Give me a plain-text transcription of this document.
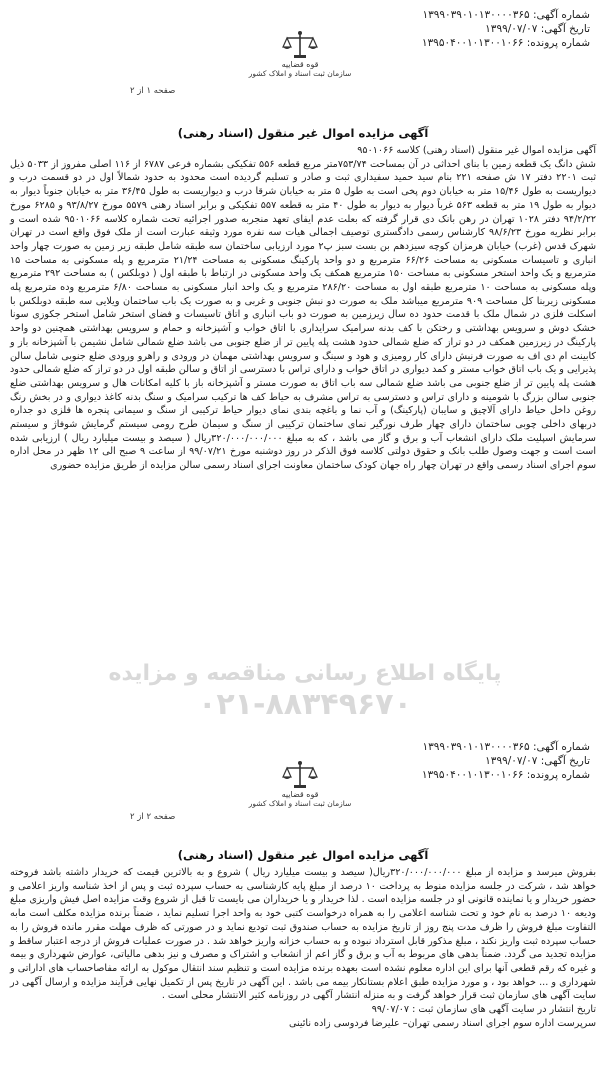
شماره آگهی: ۱۳۹۹۰۳۹۰۱۰۱۳۰۰۰۰۳۶۵
تاریخ آگهی: ۱۳۹۹/۰۷/۰۷
شماره پرونده: ۱۳۹۵۰۴۰۰۱۰۱۳۰۰۱۰۶۶
قوه قضاییه
سازمان ثبت اسناد و املاک کشور
صفحه ۱ از ۲
آگهی مزایده اموال غیر منقول (اسناد رهنی)

آگهی مزایده اموال غیر منقول (اسناد رهنی) کلاسه ۹۵۰۱۰۶۶

شش دانگ یک قطعه زمین با بنای احداثی در آن بمساحت ۷۵۳/۷۴متر مربع قطعه ۵۵۶ تفکیکی بشماره فرعی ۶۷۸۷ از ۱۱۶ اصلی مفروز از ۵۰۳۳ ذیل ثبت ۲۲۰۱ دفتر ۱۷ ش صفحه ۲۲۱ بنام سید حمید سفیداری ثبت و صادر و تسلیم گردیده است محدود به حدود شمالاً اول در دو قسمت درب و دیواریست به طول ۱۵/۴۶ متر به خیابان دوم پخی است به طول ۵ متر به خیابان شرقا درب و دیواریست به طول ۳۶/۴۵ متر به خیابان جنوباً دیوار به دیوار به طول ۱۹ متر به قطعه ۵۶۳ غرباً دیوار به دیوار به طول ۴۰ متر به قطعه ۵۵۷ تفکیکی و برابر اسناد رهنی ۵۵۷۹ مورخ ۹۳/۸/۲۷ و ۶۲۸۵ مورخ ۹۴/۲/۲۲ دفتر ۱۰۲۸ تهران در رهن بانک دی قرار گرفته که بعلت عدم ایفای تعهد منجربه صدور اجرائیه تحت شماره کلاسه ۹۵۰۱۰۶۶ شده است و برابر نظریه مورخ ۹۸/۶/۲۳ کارشناس رسمی دادگستری توصیف اجمالی هیات سه نفره مورد وثیقه عبارت است از ملک فوق واقع است در تهران شهرک قدس (غرب) خیابان هرمزان کوچه سیزدهم بن بست سبز پ۲ مورد ارزیابی ساختمان سه طبقه شامل طبقه زیر زمین به صورت چهار واحد انباری و تاسیسات مسکونی به مساحت ۶۶/۲۶ مترمربع و دو واحد پارکینگ مسکونی به مساحت ۲۱/۲۴ مترمربع و پله مسکونی به مساحت ۱۵ مترمربع و یک واحد استخر مسکونی به مساحت ۱۵۰ مترمربع همکف یک واحد مسکونی در ارتباط با طبقه اول ( دوبلکس ) به مساحت ۲۹۲ مترمربع وپله مسکونی به مساحت ۱۰ مترمربع طبقه اول به مساحت ۲۸۶/۲۰ مترمربع و یک واحد انبار مسکونی به مساحت ۶/۸۰ مترمربع وده مترمربع پله مسکونی زیربنا کل مساحت ۹۰۹ مترمربع میباشد ملک به صورت دو نبش جنوبی و غربی و به صورت یک باب ساختمان ویلایی سه طبقه دوبلکس با اسکلت فلزی در شمال ملک با قدمت حدود ده سال زیرزمین به صورت دو باب انباری و اتاق تاسیسات و فضای استخر شامل استخر جکوزی سونا خشک دوش و سرویس بهداشتی و رختکن با کف بدنه سرامیک سرایداری با اتاق خواب و آشپزخانه و حمام و سرویس بهداشتی همچنین دو واحد پارکینگ در زیرزمین همکف در دو تراز که ضلع شمالی حدود هشت پله پایین تر از ضلع جنوبی می باشد ضلع شمالی شامل نشیمن با آشپزخانه باز و کابینت ام دی اف به صورت فرنیش دارای کار رومیزی و هود و سینگ و سرویس بهداشتی مهمان در ورودی و راهرو ورودی ضلع جنوبی شامل سالن پذیرایی و یک باب اتاق خواب مستر و کمد دیواری در اتاق خواب و دارای تراس با دسترسی از اتاق و سالن طبقه اول در دو تراز که ضلع شمالی حدود هشت پله پایین تر از ضلع جنوبی می باشد ضلع شمالی سه باب اتاق به صورت مستر و آشپزخانه باز با کلیه امکانات هال و سرویس بهداشتی ضلع جنوبی سالن بزرگ با شومینه و دارای تراس و دسترسی به تراس مشرف به حیاط کف ها ترکیب سرامیک و سنگ بدنه کاغذ دیواری و در بخش رنگ روغن داخل حیاط دارای آلاچیق و سایبان (پارکینگ) و آب نما و باغچه بندی نمای دیوار حیاط ترکیبی از سنگ و سیمانی پنجره ها فلزی دو جداره دربهای داخلی چوبی ساختمان دارای چهار طرف نورگیر نمای ساختمان ترکیبی از سنگ و سیمان طرح رومی سیستم گرمایش شوفاژ و سیستم سرمایش اسپلیت ملک دارای انشعاب آب و برق و گاز می باشد ، که به مبلغ ۳۲۰/۰۰۰/۰۰۰/۰۰۰ریال ( سیصد و بیست میلیارد ریال ) ارزیابی شده است است و جهت وصول طلب بانک و حقوق دولتی کلاسه فوق الذکر در روز دوشنبه مورخ ۹۹/۰۷/۲۱ از ساعت ۹ صبح الی ۱۲ ظهر در محل اداره سوم اجرای اسناد رسمی واقع در تهران چهار راه جهان کودک ساختمان معاونت اجرای اسناد رسمی سالن مزایده از طریق مزایده حضوری

پایگاه اطلاع رسانی مناقصه و مزایده
۰۲۱-۸۸۳۴۹۶۷۰
شماره آگهی: ۱۳۹۹۰۳۹۰۱۰۱۳۰۰۰۰۳۶۵
تاریخ آگهی: ۱۳۹۹/۰۷/۰۷
شماره پرونده: ۱۳۹۵۰۴۰۰۱۰۱۳۰۰۱۰۶۶
قوه قضاییه
سازمان ثبت اسناد و املاک کشور
صفحه ۲ از ۲
آگهی مزایده اموال غیر منقول (اسناد رهنی)

بفروش میرسد و مزایده از مبلغ ۳۲۰/۰۰۰/۰۰۰/۰۰۰ریال( سیصد و بیست میلیارد ریال ) شروع و به بالاترین قیمت که خریدار داشته باشد فروخته خواهد شد ، شرکت در جلسه مزایده منوط به پرداخت ۱۰ درصد از مبلغ پایه کارشناسی به حساب سپرده ثبت و پس از اخذ شناسه واریز اعلامی و حضور خریدار و یا نماینده قانونی او در جلسه مزایده است . لذا خریدار و یا خریداران می بایست تا قبل از شروع وقت مزایده اصل فیش واریزی مبلغ ودیعه ۱۰ درصد به نام خود و تحت شناسه اعلامی را به همراه درخواست کتبی خود به واحد اجرا تسلیم نماید ، ضمناً برنده مزایده مکلف است مابه التفاوت مبلغ فروش را ظرف مدت پنج روز از تاریخ مزایده به حساب صندوق ثبت تودیع نماید و در صورتی که ظرف مهلت مقرر مانده فروش را به حساب سپرده ثبت واریز نکند ، مبلغ مذکور قابل استرداد نبوده و به حساب خزانه واریز خواهد شد . در صورت عملیات فروش از درجه اعتبار ساقط و مزایده تجدید می گردد. ضمناً بدهی های مربوط به آب و برق و گاز اعم از انشعاب و اشتراک و مصرف و نیز بدهی مالیاتی، عوارض شهرداری و بیمه و غیره که رقم قطعی آنها برای این اداره معلوم نشده است بعهده برنده مزایده است و تنظیم سند انتقال موکول به ارائه مفاصاحساب های اداراتی و شهرداری و ... خواهد بود ، و مورد مزایده طبق اعلام بستانکار بیمه می باشد . این آگهی در تاریخ پس از تکمیل نهایی فرآیند مزایده و ارسال آگهی در سایت آگهی های سازمان ثبت قرار خواهد گرفت و به منزله انتشار آگهی در روزنامه کثیر الانتشار محلی است .

تاریخ انتشار در سایت آگهی های سازمان ثبت : ۹۹/۰۷/۰۷

سرپرست اداره سوم اجرای اسناد رسمی تهران– علیرضا فردوسی زاده نائینی
